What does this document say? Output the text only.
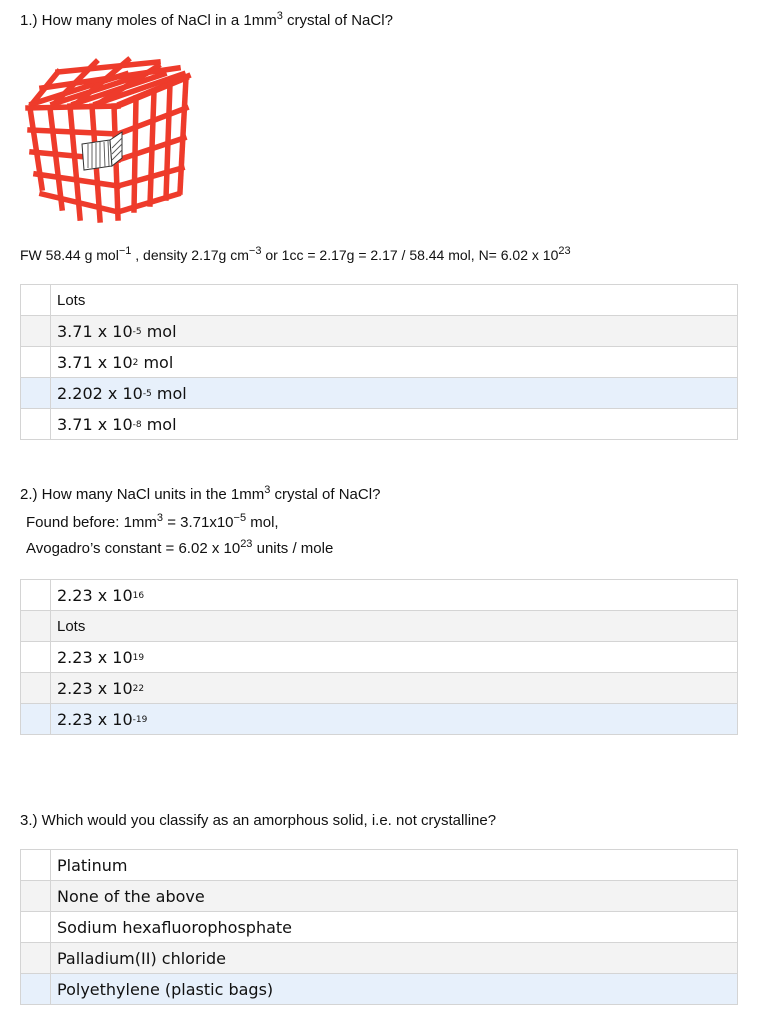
1.) How many moles of NaCl in a $1mm^3$ crystal of NaCl?
FW 58.44 g mol$^{-1}$ , density 2.17g $cm^{-3}$ or 1cc = 2.17g = 2.17 / 58.44 mol, N= 6.02 x $10^{23}$
Lots
3.71 x $10^{-5}$ mol
3.71 x $10^2$ mol
2.202 x $10^{-5}$ mol
3.71 x $10^{-8}$ mol
2.) How many NaCl units in the $1mm^3$ crystal of NaCl?
Found before: $1mm^3 = 3.71x10^{-5}$ mol,
Avogadro’s constant = 6.02 x $10^{23}$ units / mole
2.23 x $10^{16}$
Lots
2.23 x $10^{19}$
2.23 x $10^{22}$
2.23 x $10^{-19}$
3.) Which would you classify as an amorphous solid, i.e. not crystalline?
Platinum
None of the above
Sodium hexafluorophosphate
Palladium(II) chloride
Polyethylene (plastic bags)
